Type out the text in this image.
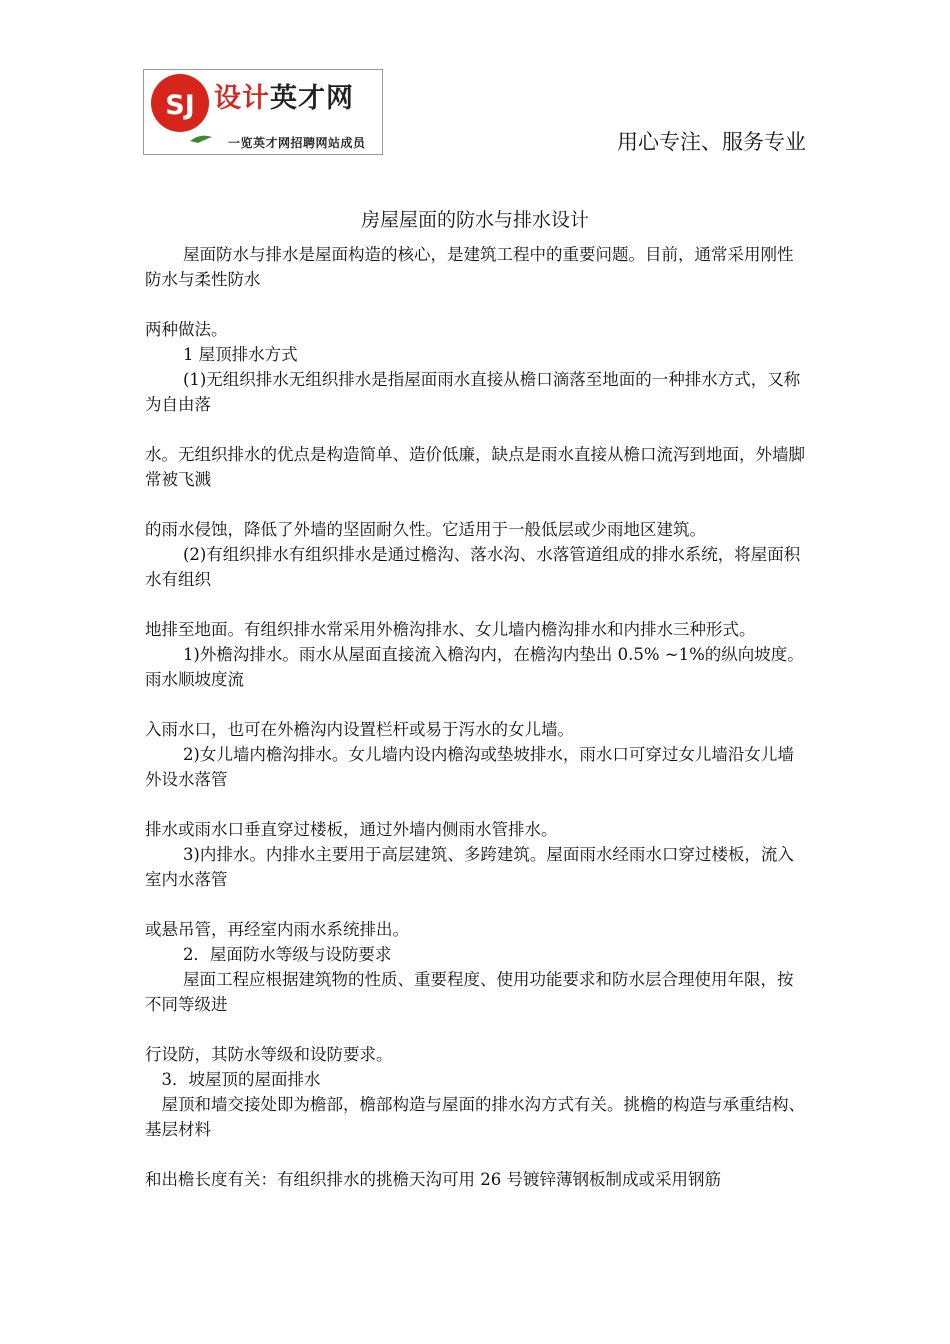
SJ 设计英才网
一览英才网招聘网站成员	用心专注、服务专业
房屋屋面的防水与排水设计

屋面防水与排水是屋面构造的核心，是建筑工程中的重要问题。目前，通常采用刚性防水与柔性防水

两种做法。

1 屋顶排水方式

(1)无组织排水无组织排水是指屋面雨水直接从檐口滴落至地面的一种排水方式，又称为自由落

水。无组织排水的优点是构造简单、造价低廉，缺点是雨水直接从檐口流泻到地面，外墙脚常被飞溅

的雨水侵蚀，降低了外墙的坚固耐久性。它适用于一般低层或少雨地区建筑。

(2)有组织排水有组织排水是通过檐沟、落水沟、水落管道组成的排水系统，将屋面积水有组织

地排至地面。有组织排水常采用外檐沟排水、女儿墙内檐沟排水和内排水三种形式。

1)外檐沟排水。雨水从屋面直接流入檐沟内，在檐沟内垫出 0.5% ~1%的纵向坡度。雨水顺坡度流

入雨水口，也可在外檐沟内设置栏杆或易于泻水的女儿墙。

2)女儿墙内檐沟排水。女儿墙内设内檐沟或垫坡排水，雨水口可穿过女儿墙沿女儿墙外设水落管

排水或雨水口垂直穿过楼板，通过外墙内侧雨水管排水。

3)内排水。内排水主要用于高层建筑、多跨建筑。屋面雨水经雨水口穿过楼板，流入室内水落管

或悬吊管，再经室内雨水系统排出。

2．屋面防水等级与设防要求

屋面工程应根据建筑物的性质、重要程度、使用功能要求和防水层合理使用年限，按不同等级进

行设防，其防水等级和设防要求。

3．坡屋顶的屋面排水

屋顶和墙交接处即为檐部，檐部构造与屋面的排水沟方式有关。挑檐的构造与承重结构、基层材料

和出檐长度有关：有组织排水的挑檐天沟可用 26 号镀锌薄钢板制成或采用钢筋
